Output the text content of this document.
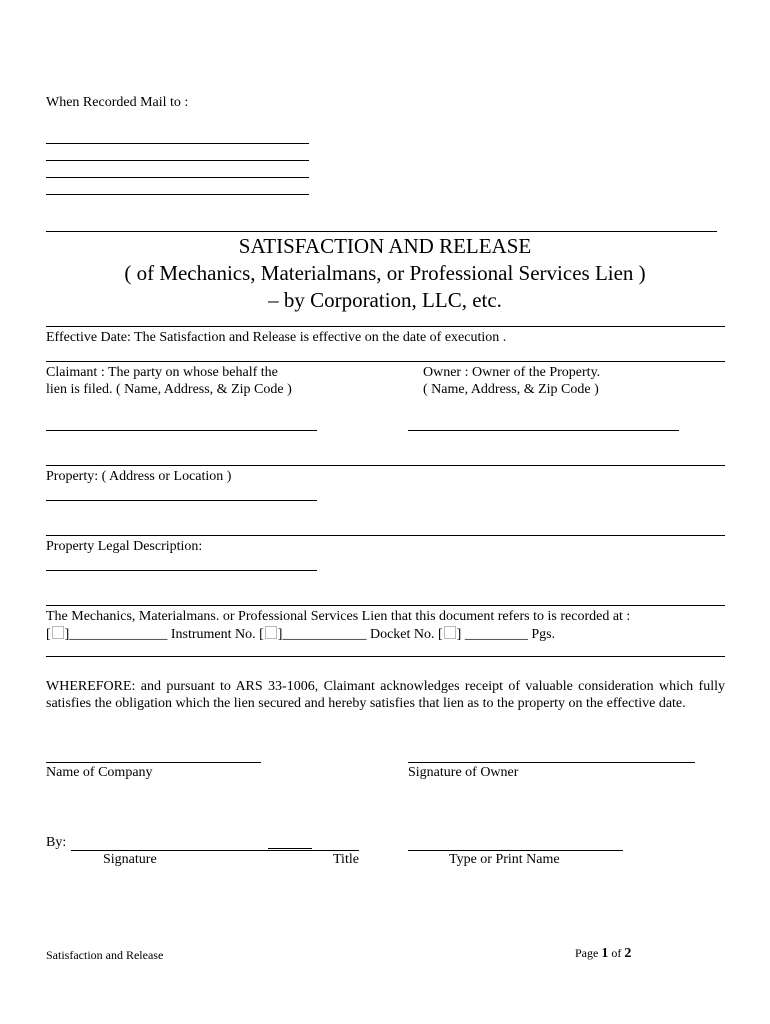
When Recorded Mail to :
SATISFACTION AND RELEASE
( of Mechanics, Materialmans, or Professional Services Lien )
– by Corporation, LLC, etc.
Effective Date: The Satisfaction and Release is effective on the date of execution .
Claimant : The party on whose behalf the
lien is filed. ( Name, Address, & Zip Code )
Owner : Owner of the Property.
( Name, Address, & Zip Code )
Property: ( Address or Location )
Property Legal Description:
The Mechanics, Materialmans. or Professional Services Lien that this document refers to is recorded at :
[ ]______________ Instrument No. [ ]____________ Docket No. [ ] _________ Pgs.
WHEREFORE: and pursuant to ARS 33-1006, Claimant acknowledges receipt of valuable consideration which fully satisfies the obligation which the lien secured and hereby satisfies that lien as to the property on the effective date.
Name of Company	Signature of Owner
By:
Signature	Title	Type or Print Name
Satisfaction and Release	Page 1 of 2
